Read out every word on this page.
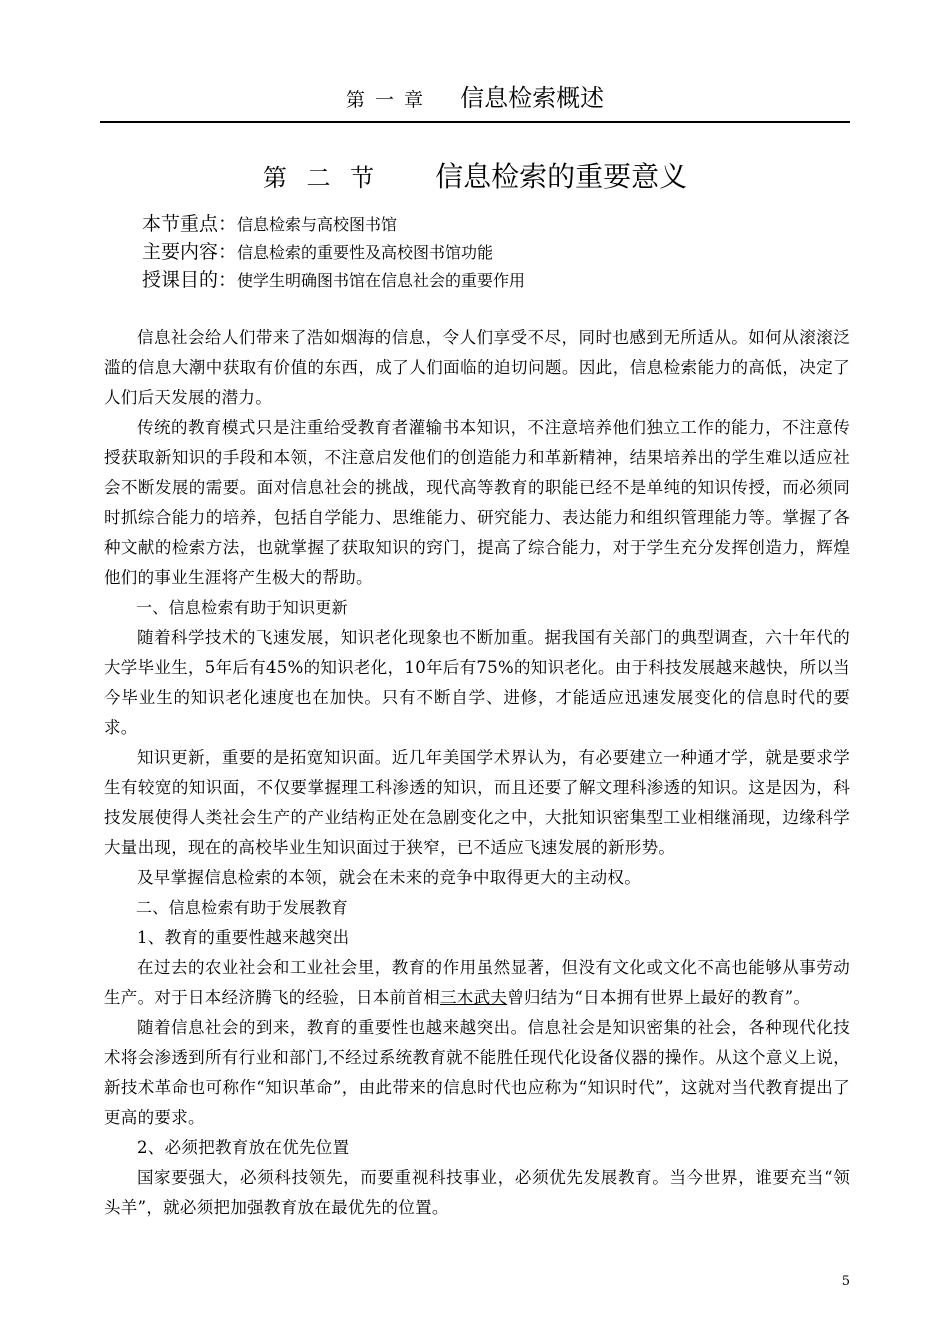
第 一 章 信息检索概述
第 二 节 信息检索的重要意义
本节重点：信息检索与高校图书馆
主要内容：信息检索的重要性及高校图书馆功能
授课目的：使学生明确图书馆在信息社会的重要作用

信息社会给人们带来了浩如烟海的信息，令人们享受不尽，同时也感到无所适从。如何从滚滚泛滥的信息大潮中获取有价值的东西，成了人们面临的迫切问题。因此，信息检索能力的高低，决定了人们后天发展的潜力。

传统的教育模式只是注重给受教育者灌输书本知识，不注意培养他们独立工作的能力，不注意传授获取新知识的手段和本领，不注意启发他们的创造能力和革新精神，结果培养出的学生难以适应社会不断发展的需要。面对信息社会的挑战，现代高等教育的职能已经不是单纯的知识传授，而必须同时抓综合能力的培养，包括自学能力、思维能力、研究能力、表达能力和组织管理能力等。掌握了各种文献的检索方法，也就掌握了获取知识的窍门，提高了综合能力，对于学生充分发挥创造力，辉煌他们的事业生涯将产生极大的帮助。

一、信息检索有助于知识更新

随着科学技术的飞速发展，知识老化现象也不断加重。据我国有关部门的典型调查，六十年代的大学毕业生，5年后有45%的知识老化，10年后有75%的知识老化。由于科技发展越来越快，所以当今毕业生的知识老化速度也在加快。只有不断自学、进修，才能适应迅速发展变化的信息时代的要求。

知识更新，重要的是拓宽知识面。近几年美国学术界认为，有必要建立一种通才学，就是要求学生有较宽的知识面，不仅要掌握理工科渗透的知识，而且还要了解文理科渗透的知识。这是因为，科技发展使得人类社会生产的产业结构正处在急剧变化之中，大批知识密集型工业相继涌现，边缘科学大量出现，现在的高校毕业生知识面过于狭窄，已不适应飞速发展的新形势。

及早掌握信息检索的本领，就会在未来的竞争中取得更大的主动权。

二、信息检索有助于发展教育

1、教育的重要性越来越突出

在过去的农业社会和工业社会里，教育的作用虽然显著，但没有文化或文化不高也能够从事劳动生产。对于日本经济腾飞的经验，日本前首相三木武夫曾归结为“日本拥有世界上最好的教育”。

随着信息社会的到来，教育的重要性也越来越突出。信息社会是知识密集的社会，各种现代化技术将会渗透到所有行业和部门,不经过系统教育就不能胜任现代化设备仪器的操作。从这个意义上说，新技术革命也可称作“知识革命”，由此带来的信息时代也应称为“知识时代”，这就对当代教育提出了更高的要求。

2、必须把教育放在优先位置

国家要强大，必须科技领先，而要重视科技事业，必须优先发展教育。当今世界，谁要充当“领头羊”，就必须把加强教育放在最优先的位置。

5
